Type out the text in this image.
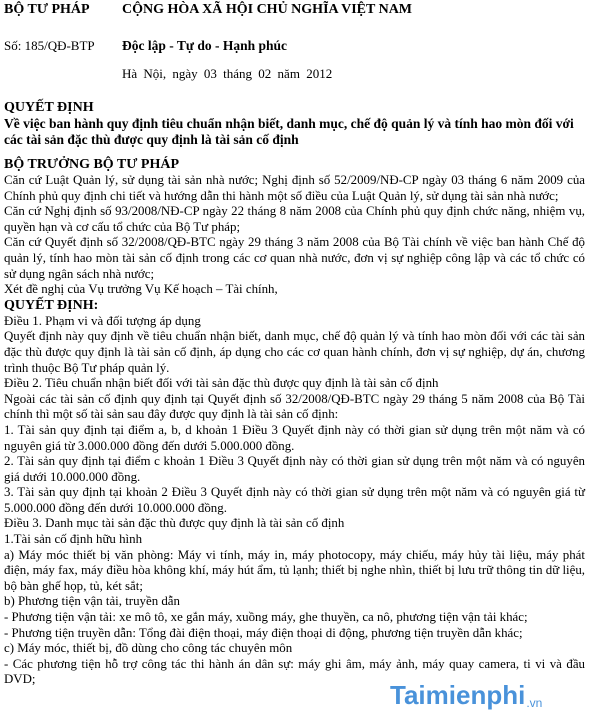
BỘ TƯ PHÁP
Số: 185/QĐ-BTP
CỘNG HÒA XÃ HỘI CHỦ NGHĨA VIỆT NAM
Độc lập - Tự do - Hạnh phúc
Hà Nội, ngày 03 tháng 02 năm 2012
QUYẾT ĐỊNH
Về việc ban hành quy định tiêu chuẩn nhận biết, danh mục, chế độ quản lý và tính hao mòn đối với các tài sản đặc thù được quy định là tài sản cố định
BỘ TRƯỞNG BỘ TƯ PHÁP

Căn cứ Luật Quản lý, sử dụng tài sản nhà nước; Nghị định số 52/2009/NĐ-CP ngày 03 tháng 6 năm 2009 của Chính phủ quy định chi tiết và hướng dẫn thi hành một số điều của Luật Quản lý, sử dụng tài sản nhà nước;

Căn cứ Nghị định số 93/2008/NĐ-CP ngày 22 tháng 8 năm 2008 của Chính phủ quy định chức năng, nhiệm vụ, quyền hạn và cơ cấu tổ chức của Bộ Tư pháp;

Căn cứ Quyết định số 32/2008/QĐ-BTC ngày 29 tháng 3 năm 2008 của Bộ Tài chính về việc ban hành Chế độ quản lý, tính hao mòn tài sản cố định trong các cơ quan nhà nước, đơn vị sự nghiệp công lập và các tổ chức có sử dụng ngân sách nhà nước;

Xét đề nghị của Vụ trưởng Vụ Kế hoạch – Tài chính,

QUYẾT ĐỊNH:

Điều 1. Phạm vi và đối tượng áp dụng

Quyết định này quy định về tiêu chuẩn nhận biết, danh mục, chế độ quản lý và tính hao mòn đối với các tài sản đặc thù được quy định là tài sản cố định, áp dụng cho các cơ quan hành chính, đơn vị sự nghiệp, dự án, chương trình thuộc Bộ Tư pháp quản lý.

Điều 2. Tiêu chuẩn nhận biết đối với tài sản đặc thù được quy định là tài sản cố định

Ngoài các tài sản cố định quy định tại Quyết định số 32/2008/QĐ-BTC ngày 29 tháng 5 năm 2008 của Bộ Tài chính thì một số tài sản sau đây được quy định là tài sản cố định:

1. Tài sản quy định tại điểm a, b, d khoản 1 Điều 3 Quyết định này có thời gian sử dụng trên một năm và có nguyên giá từ 3.000.000 đồng đến dưới 5.000.000 đồng.

2. Tài sản quy định tại điểm c khoản 1 Điều 3 Quyết định này có thời gian sử dụng trên một năm và có nguyên giá dưới 10.000.000 đồng.

3. Tài sản quy định tại khoản 2 Điều 3 Quyết định này có thời gian sử dụng trên một năm và có nguyên giá từ 5.000.000 đồng đến dưới 10.000.000 đồng.

Điều 3. Danh mục tài sản đặc thù được quy định là tài sản cố định

1.Tài sản cố định hữu hình

a) Máy móc thiết bị văn phòng: Máy vi tính, máy in, máy photocopy, máy chiếu, máy hủy tài liệu, máy phát điện, máy fax, máy điều hòa không khí, máy hút ẩm, tủ lạnh; thiết bị nghe nhìn, thiết bị lưu trữ thông tin dữ liệu, bộ bàn ghế họp, tủ, két sắt;

b) Phương tiện vận tải, truyền dẫn

- Phương tiện vận tải: xe mô tô, xe gắn máy, xuồng máy, ghe thuyền, ca nô, phương tiện vận tải khác;

- Phương tiện truyền dẫn: Tổng đài điện thoại, máy điện thoại di động, phương tiện truyền dẫn khác;

c) Máy móc, thiết bị, đồ dùng cho công tác chuyên môn

- Các phương tiện hỗ trợ công tác thi hành án dân sự: máy ghi âm, máy ảnh, máy quay camera, ti vi và đầu DVD;

Taimienphi .vn
